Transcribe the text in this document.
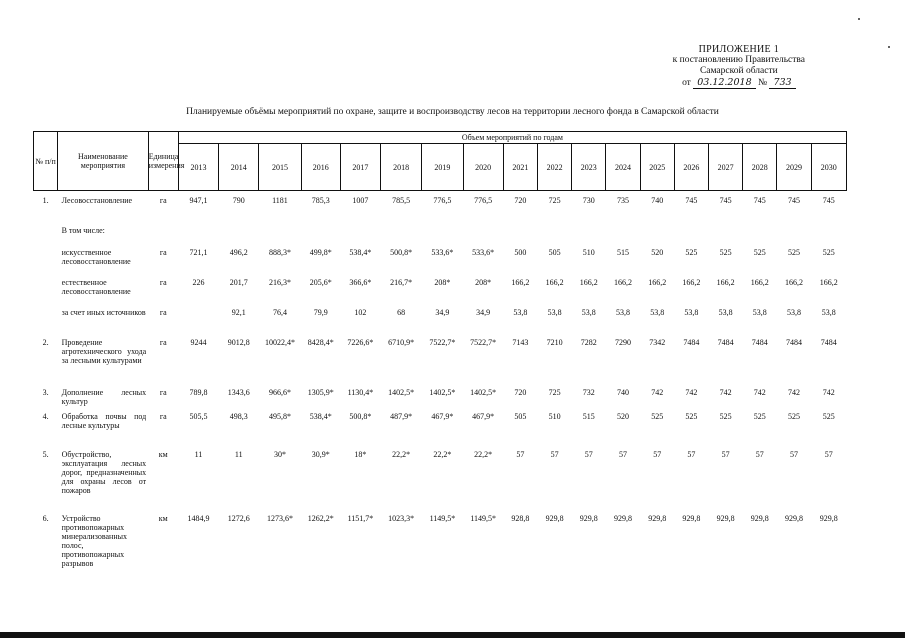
ПРИЛОЖЕНИЕ 1
к постановлению Правительства
Самарской области
от 03.12.2018 № 733
Планируемые объёмы мероприятий по охране, защите и воспроизводству лесов на территории лесного фонда в Самарской области
№ п/п	Наименование мероприятия	Единица измерения	Объем мероприятий по годам																	
			2013	2014	2015	2016	2017	2018	2019	2020	2021	2022	2023	2024	2025	2026	2027	2028	2029	2030
1.	Лесовосстановление	га	947,1	790	1181	785,3	1007	785,5	776,5	776,5	720	725	730	735	740	745	745	745	745	745
	В том числе:																			
	искусственное лесовосстановление	га	721,1	496,2	888,3*	499,8*	538,4*	500,8*	533,6*	533,6*	500	505	510	515	520	525	525	525	525	525
	естественное лесовосстановление	га	226	201,7	216,3*	205,6*	366,6*	216,7*	208*	208*	166,2	166,2	166,2	166,2	166,2	166,2	166,2	166,2	166,2	166,2
	за счет иных источников	га		92,1	76,4	79,9	102	68	34,9	34,9	53,8	53,8	53,8	53,8	53,8	53,8	53,8	53,8	53,8	53,8
2.	Проведение агротехнического ухода за лесными культурами	га	9244	9012,8	10022,4*	8428,4*	7226,6*	6710,9*	7522,7*	7522,7*	7143	7210	7282	7290	7342	7484	7484	7484	7484	7484
3.	Дополнение лесных культур	га	789,8	1343,6	966,6*	1305,9*	1130,4*	1402,5*	1402,5*	1402,5*	720	725	732	740	742	742	742	742	742	742
4.	Обработка почвы под лесные культуры	га	505,5	498,3	495,8*	538,4*	500,8*	487,9*	467,9*	467,9*	505	510	515	520	525	525	525	525	525	525
5.	Обустройство, эксплуатация лесных дорог, предназначенных для охраны лесов от пожаров	км	11	11	30*	30,9*	18*	22,2*	22,2*	22,2*	57	57	57	57	57	57	57	57	57	57
6.	Устройство противопожарных минерализованных полос, противопожарных разрывов	км	1484,9	1272,6	1273,6*	1262,2*	1151,7*	1023,3*	1149,5*	1149,5*	928,8	929,8	929,8	929,8	929,8	929,8	929,8	929,8	929,8	929,8
